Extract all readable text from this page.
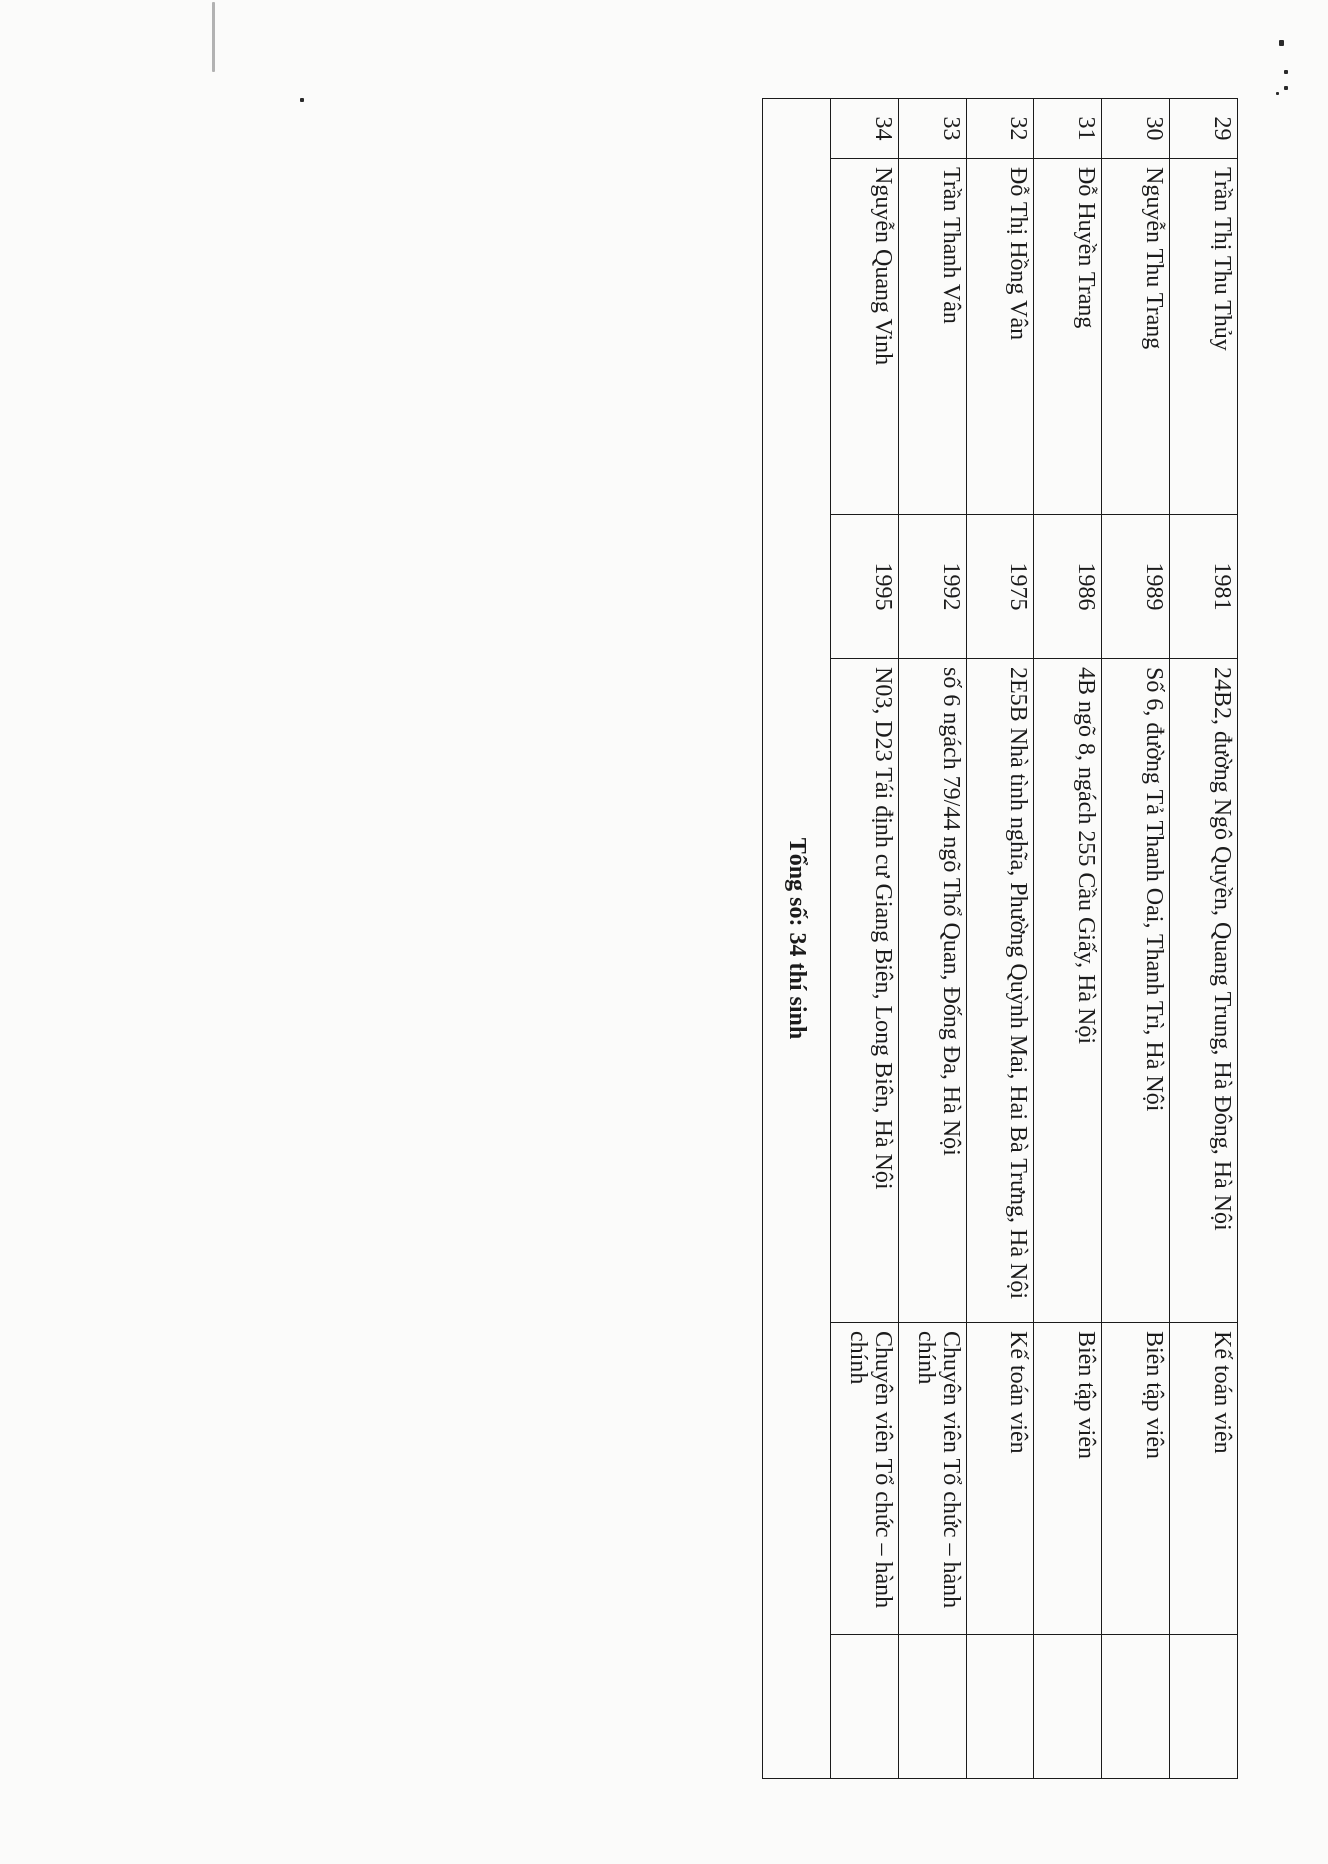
29	Trần Thị Thu Thủy	1981	24B2, đường Ngô Quyền, Quang Trung, Hà Đông, Hà Nội	Kế toán viên	
30	Nguyễn Thu Trang	1989	Số 6, đường Tả Thanh Oai, Thanh Trì, Hà Nội	Biên tập viên	
31	Đỗ Huyền Trang	1986	4B ngõ 8, ngách 255 Cầu Giấy, Hà Nội	Biên tập viên	
32	Đỗ Thị Hồng Vân	1975	2E5B Nhà tình nghĩa, Phường Quỳnh Mai, Hai Bà Trưng, Hà Nội	Kế toán viên	
33	Trần Thanh Vân	1992	số 6 ngách 79/44 ngõ Thổ Quan, Đống Đa, Hà Nội	Chuyên viên Tổ chức – hành chính	
34	Nguyễn Quang Vinh	1995	N03, D23 Tái định cư Giang Biên, Long Biên, Hà Nội	Chuyên viên Tổ chức – hành chính	
Tổng số: 34 thí sinh					
